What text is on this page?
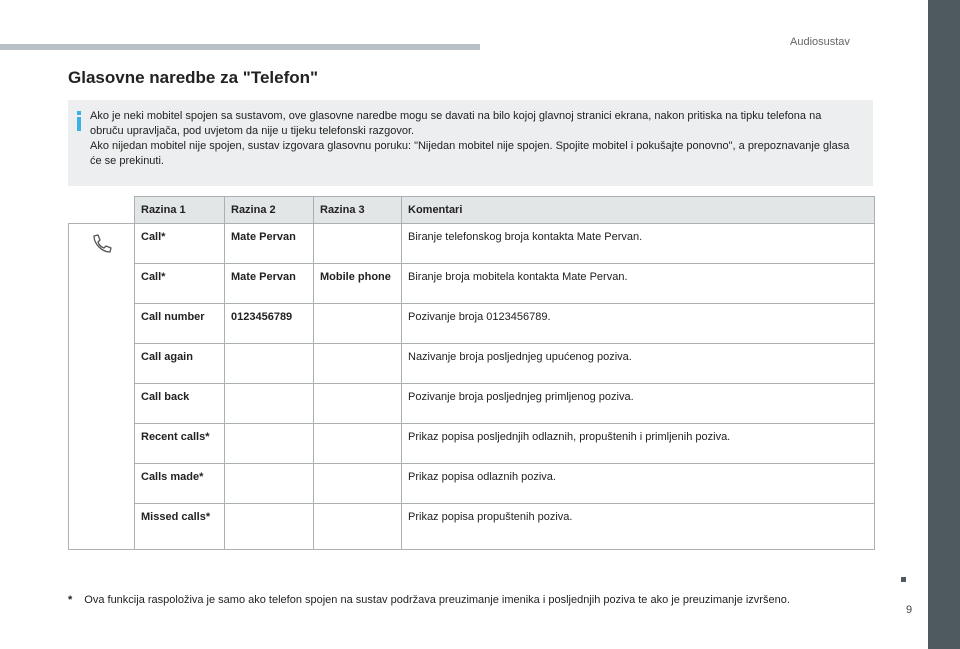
Audiosustav
Glasovne naredbe za "Telefon"

Ako je neki mobitel spojen sa sustavom, ove glasovne naredbe mogu se davati na bilo kojoj glavnoj stranici ekrana, nakon pritiska na tipku telefona na obruču upravljača, pod uvjetom da nije u tijeku telefonski razgovor.

Ako nijedan mobitel nije spojen, sustav izgovara glasovnu poruku: "Nijedan mobitel nije spojen. Spojite mobitel i pokušajte ponovno", a prepoznavanje glasa će se prekinuti.

	Razina 1	Razina 2	Razina 3	Komentari

	Call*	Mate Pervan		Biranje telefonskog broja kontakta Mate Pervan.
	Call*	Mate Pervan	Mobile phone	Biranje broja mobitela kontakta Mate Pervan.
	Call number	0123456789		Pozivanje broja 0123456789.
	Call again			Nazivanje broja posljednjeg upućenog poziva.
	Call back			Pozivanje broja posljednjeg primljenog poziva.
	Recent calls*			Prikaz popisa posljednjih odlaznih, propuštenih i primljenih poziva.
	Calls made*			Prikaz popisa odlaznih poziva.
	Missed calls*			Prikaz popisa propuštenih poziva.
* Ova funkcija raspoloživa je samo ako telefon spojen na sustav podržava preuzimanje imenika i posljednjih poziva te ako je preuzimanje izvršeno.
9
